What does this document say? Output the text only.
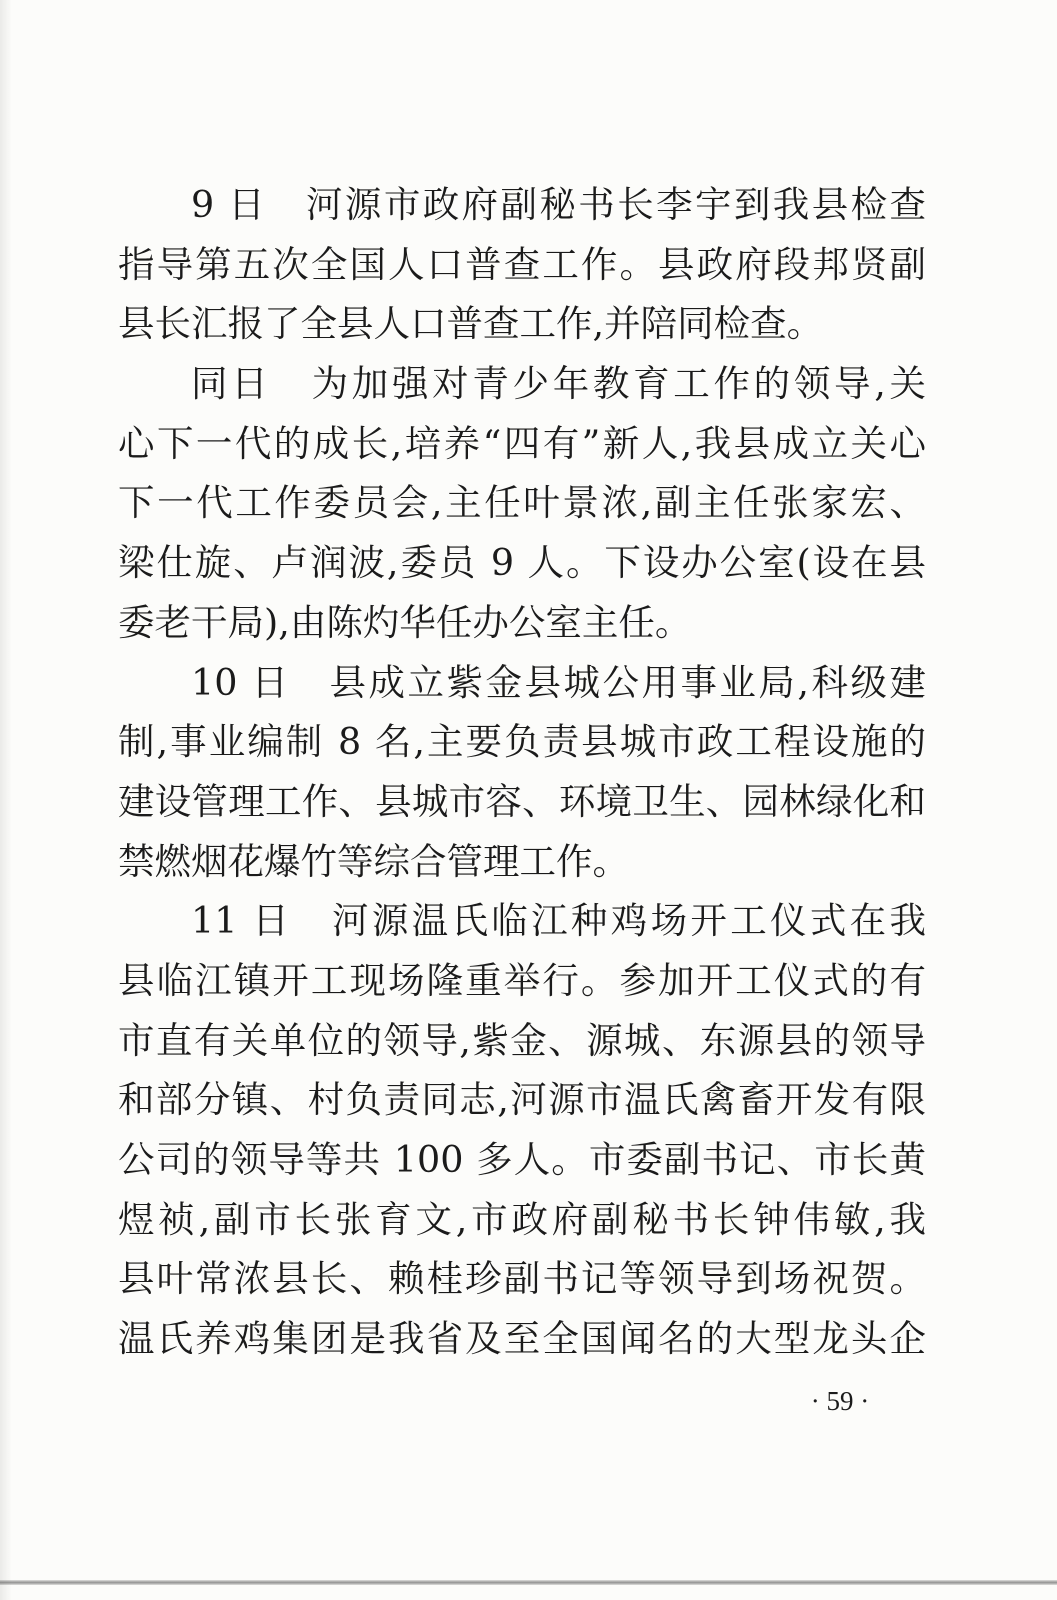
9 日　河源市政府副秘书长李宇到我县检查
指导第五次全国人口普查工作。县政府段邦贤副
县长汇报了全县人口普查工作,并陪同检查。
同日　为加强对青少年教育工作的领导,关
心下一代的成长,培养“四有”新人,我县成立关心
下一代工作委员会,主任叶景浓,副主任张家宏、
梁仕旋、卢润波,委员 9 人。下设办公室(设在县
委老干局),由陈灼华任办公室主任。
10 日　县成立紫金县城公用事业局,科级建
制,事业编制 8 名,主要负责县城市政工程设施的
建设管理工作、县城市容、环境卫生、园林绿化和
禁燃烟花爆竹等综合管理工作。
11 日　河源温氏临江种鸡场开工仪式在我
县临江镇开工现场隆重举行。参加开工仪式的有
市直有关单位的领导,紫金、源城、东源县的领导
和部分镇、村负责同志,河源市温氏禽畜开发有限
公司的领导等共 100 多人。市委副书记、市长黄
煜祯,副市长张育文,市政府副秘书长钟伟敏,我
县叶常浓县长、赖桂珍副书记等领导到场祝贺。
温氏养鸡集团是我省及至全国闻名的大型龙头企
· 59 ·
